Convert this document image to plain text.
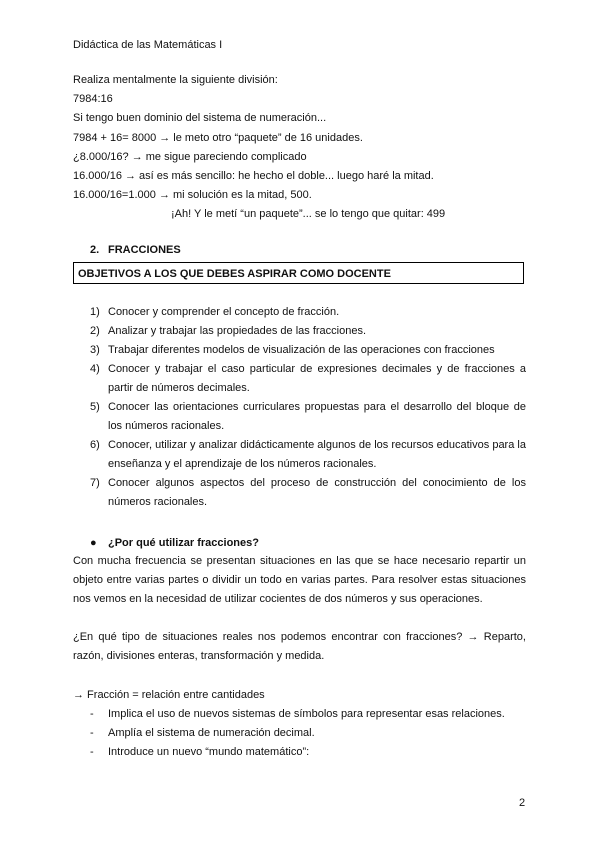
Didáctica de las Matemáticas I
Realiza mentalmente la siguiente división:
7984:16
Si tengo buen dominio del sistema de numeración...
7984 + 16= 8000 → le meto otro “paquete” de 16 unidades.
¿8.000/16? → me sigue pareciendo complicado
16.000/16 → así es más sencillo: he hecho el doble... luego haré la mitad.
16.000/16=1.000 → mi solución es la mitad, 500.
¡Ah! Y le metí “un paquete”... se lo tengo que quitar: 499
2. FRACCIONES
OBJETIVOS A LOS QUE DEBES ASPIRAR COMO DOCENTE
1) Conocer y comprender el concepto de fracción.
2) Analizar y trabajar las propiedades de las fracciones.
3) Trabajar diferentes modelos de visualización de las operaciones con fracciones
4) Conocer y trabajar el caso particular de expresiones decimales y de fracciones a partir de números decimales.
5) Conocer las orientaciones curriculares propuestas para el desarrollo del bloque de los números racionales.
6) Conocer, utilizar y analizar didácticamente algunos de los recursos educativos para la enseñanza y el aprendizaje de los números racionales.
7) Conocer algunos aspectos del proceso de construcción del conocimiento de los números racionales.
● ¿Por qué utilizar fracciones?
Con mucha frecuencia se presentan situaciones en las que se hace necesario repartir un objeto entre varias partes o dividir un todo en varias partes. Para resolver estas situaciones nos vemos en la necesidad de utilizar cocientes de dos números y sus operaciones.
¿En qué tipo de situaciones reales nos podemos encontrar con fracciones? → Reparto, razón, divisiones enteras, transformación y medida.
→ Fracción = relación entre cantidades
-	Implica el uso de nuevos sistemas de símbolos para representar esas relaciones.
-	Amplía el sistema de numeración decimal.
-	Introduce un nuevo “mundo matemático”:
2
